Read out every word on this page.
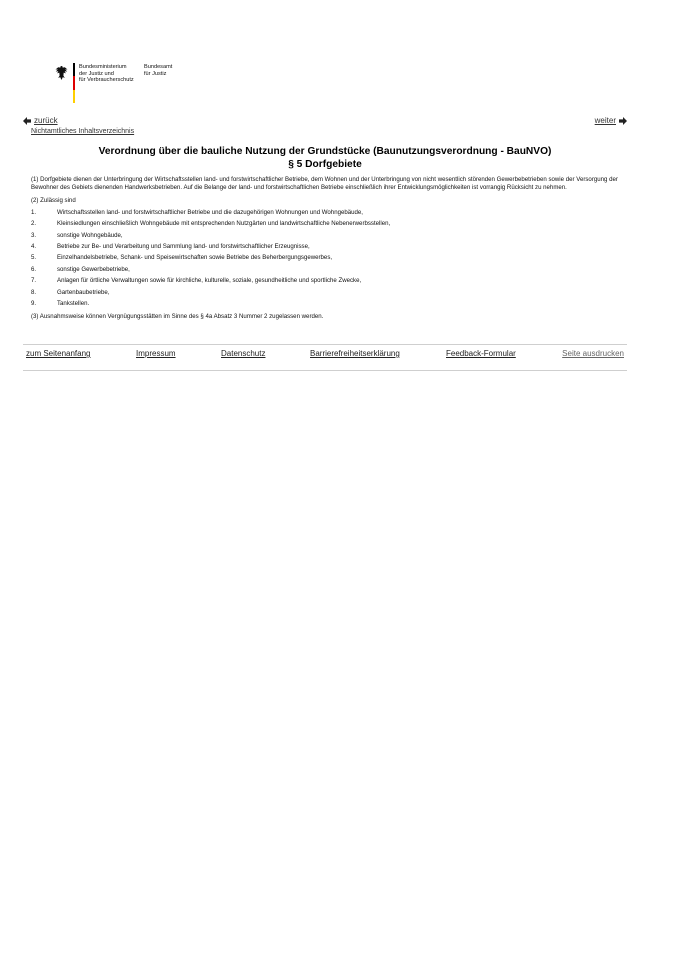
Bundesministerium
der Justiz und
für Verbraucherschutz
Bundesamt
für Justiz
zurück	weiter
Nichtamtliches Inhaltsverzeichnis
Verordnung über die bauliche Nutzung der Grundstücke (Baunutzungsverordnung - BauNVO)
§ 5 Dorfgebiete

(1) Dorfgebiete dienen der Unterbringung der Wirtschaftsstellen land- und forstwirtschaftlicher Betriebe, dem Wohnen und der Unterbringung von nicht wesentlich störenden Gewerbebetrieben sowie der Versorgung der Bewohner des Gebiets dienenden Handwerksbetrieben. Auf die Belange der land- und forstwirtschaftlichen Betriebe einschließlich ihrer Entwicklungsmöglichkeiten ist vorrangig Rücksicht zu nehmen.

(2) Zulässig sind

1.	Wirtschaftsstellen land- und forstwirtschaftlicher Betriebe und die dazugehörigen Wohnungen und Wohngebäude,
2.	Kleinsiedlungen einschließlich Wohngebäude mit entsprechenden Nutzgärten und landwirtschaftliche Nebenerwerbsstellen,
3.	sonstige Wohngebäude,
4.	Betriebe zur Be- und Verarbeitung und Sammlung land- und forstwirtschaftlicher Erzeugnisse,
5.	Einzelhandelsbetriebe, Schank- und Speisewirtschaften sowie Betriebe des Beherbergungsgewerbes,
6.	sonstige Gewerbebetriebe,
7.	Anlagen für örtliche Verwaltungen sowie für kirchliche, kulturelle, soziale, gesundheitliche und sportliche Zwecke,
8.	Gartenbaubetriebe,
9.	Tankstellen.

(3) Ausnahmsweise können Vergnügungsstätten im Sinne des § 4a Absatz 3 Nummer 2 zugelassen werden.

zum Seitenanfang	Impressum	Datenschutz	Barrierefreiheitserklärung	Feedback-Formular	Seite ausdrucken
